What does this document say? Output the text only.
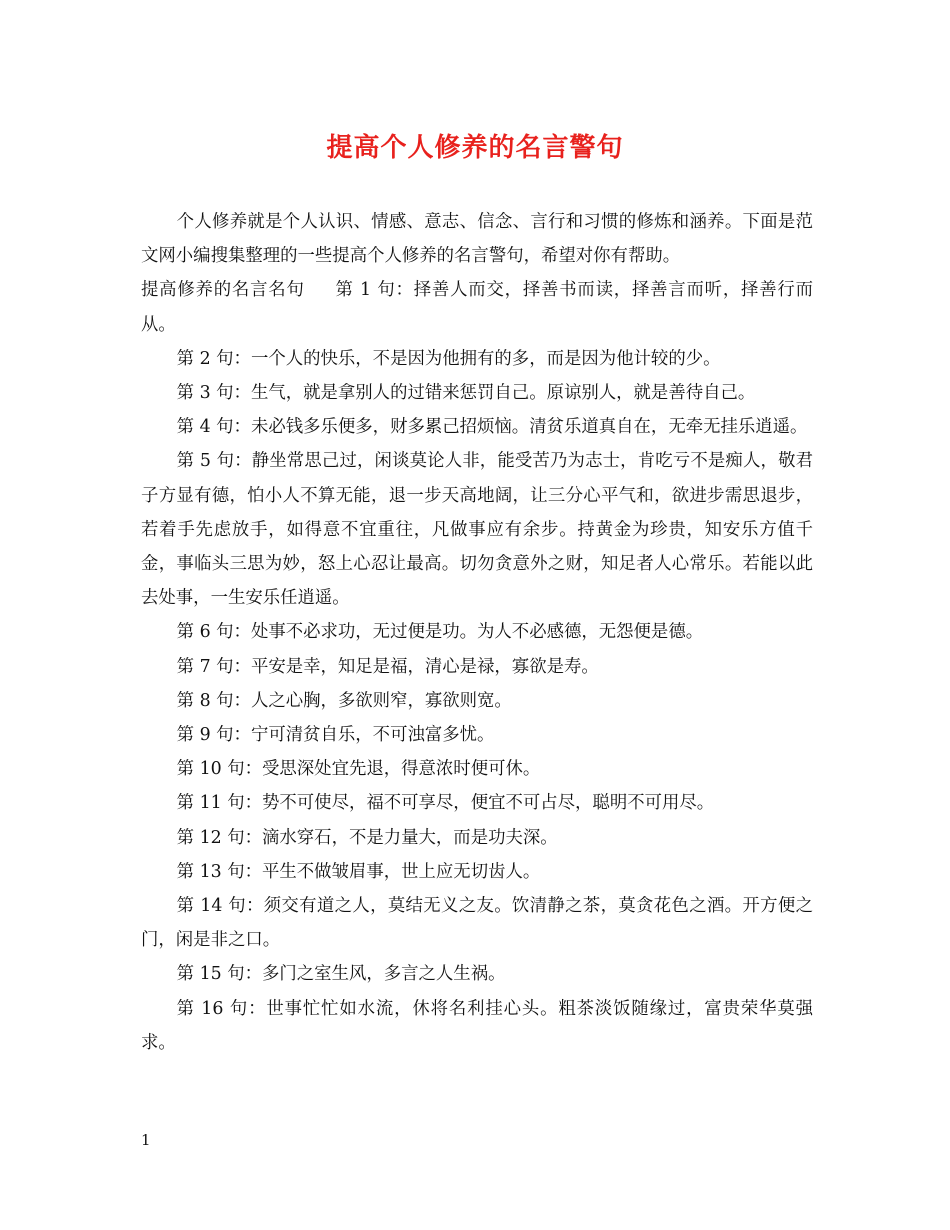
提高个人修养的名言警句

个人修养就是个人认识、情感、意志、信念、言行和习惯的修炼和涵养。下面是范文网小编搜集整理的一些提高个人修养的名言警句，希望对你有帮助。

提高修养的名言名句 第 1 句：择善人而交，择善书而读，择善言而听，择善行而从。

第 2 句：一个人的快乐，不是因为他拥有的多，而是因为他计较的少。

第 3 句：生气，就是拿别人的过错来惩罚自己。原谅别人，就是善待自己。

第 4 句：未必钱多乐便多，财多累己招烦恼。清贫乐道真自在，无牵无挂乐逍遥。

第 5 句：静坐常思己过，闲谈莫论人非，能受苦乃为志士，肯吃亏不是痴人，敬君子方显有德，怕小人不算无能，退一步天高地阔，让三分心平气和，欲进步需思退步，若着手先虑放手，如得意不宜重往，凡做事应有余步。持黄金为珍贵，知安乐方值千金，事临头三思为妙，怒上心忍让最高。切勿贪意外之财，知足者人心常乐。若能以此去处事，一生安乐任逍遥。

第 6 句：处事不必求功，无过便是功。为人不必感德，无怨便是德。

第 7 句：平安是幸，知足是福，清心是禄，寡欲是寿。

第 8 句：人之心胸，多欲则窄，寡欲则宽。

第 9 句：宁可清贫自乐，不可浊富多忧。

第 10 句：受思深处宜先退，得意浓时便可休。

第 11 句：势不可使尽，福不可享尽，便宜不可占尽，聪明不可用尽。

第 12 句：滴水穿石，不是力量大，而是功夫深。

第 13 句：平生不做皱眉事，世上应无切齿人。

第 14 句：须交有道之人，莫结无义之友。饮清静之茶，莫贪花色之酒。开方便之门，闲是非之口。

第 15 句：多门之室生风，多言之人生祸。

第 16 句：世事忙忙如水流，休将名利挂心头。粗茶淡饭随缘过，富贵荣华莫强求。

1
